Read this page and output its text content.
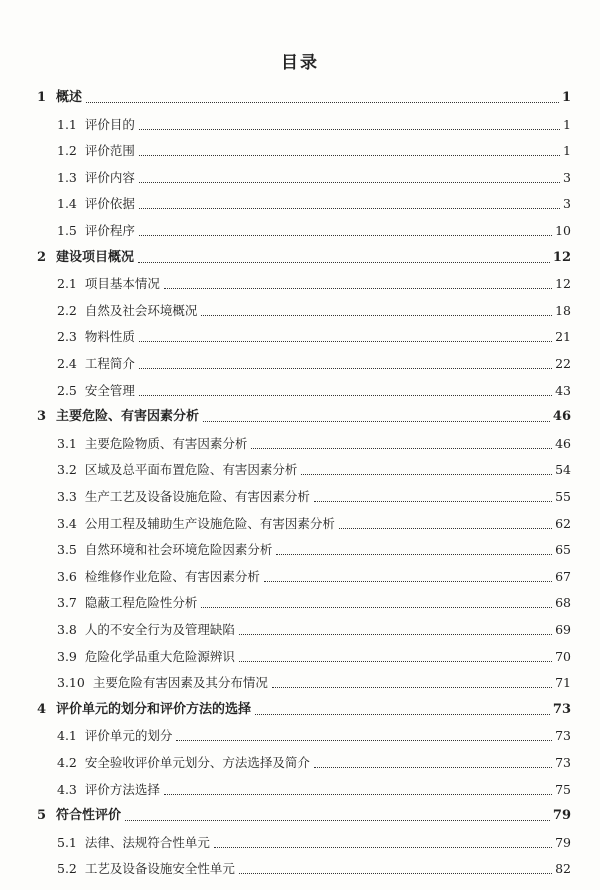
目录
1 概述	1
1.1 评价目的	1
1.2 评价范围	1
1.3 评价内容	3
1.4 评价依据	3
1.5 评价程序	10
2 建设项目概况	12
2.1 项目基本情况	12
2.2 自然及社会环境概况	18
2.3 物料性质	21
2.4 工程简介	22
2.5 安全管理	43
3 主要危险、有害因素分析	46
3.1 主要危险物质、有害因素分析	46
3.2 区域及总平面布置危险、有害因素分析	54
3.3 生产工艺及设备设施危险、有害因素分析	55
3.4 公用工程及辅助生产设施危险、有害因素分析	62
3.5 自然环境和社会环境危险因素分析	65
3.6 检维修作业危险、有害因素分析	67
3.7 隐蔽工程危险性分析	68
3.8 人的不安全行为及管理缺陷	69
3.9 危险化学品重大危险源辨识	70
3.10 主要危险有害因素及其分布情况	71
4 评价单元的划分和评价方法的选择	73
4.1 评价单元的划分	73
4.2 安全验收评价单元划分、方法选择及简介	73
4.3 评价方法选择	75
5 符合性评价	79
5.1 法律、法规符合性单元	79
5.2 工艺及设备设施安全性单元	82
